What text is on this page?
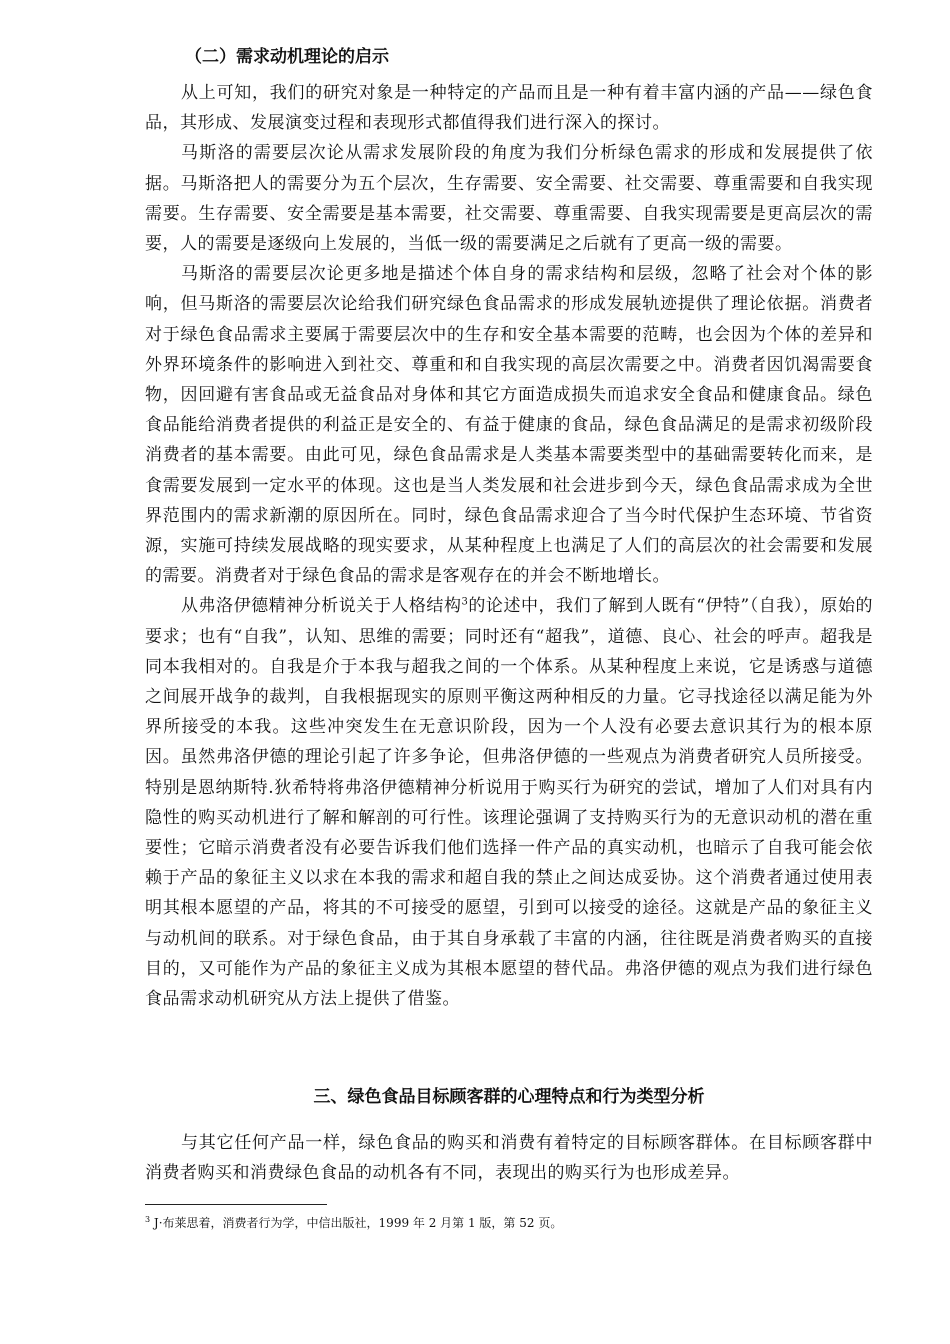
（二）需求动机理论的启示

从上可知，我们的研究对象是一种特定的产品而且是一种有着丰富内涵的产品——绿色食品，其形成、发展演变过程和表现形式都值得我们进行深入的探讨。

马斯洛的需要层次论从需求发展阶段的角度为我们分析绿色需求的形成和发展提供了依据。马斯洛把人的需要分为五个层次，生存需要、安全需要、社交需要、尊重需要和自我实现需要。生存需要、安全需要是基本需要，社交需要、尊重需要、自我实现需要是更高层次的需要，人的需要是逐级向上发展的，当低一级的需要满足之后就有了更高一级的需要。

马斯洛的需要层次论更多地是描述个体自身的需求结构和层级，忽略了社会对个体的影响，但马斯洛的需要层次论给我们研究绿色食品需求的形成发展轨迹提供了理论依据。消费者对于绿色食品需求主要属于需要层次中的生存和安全基本需要的范畴，也会因为个体的差异和外界环境条件的影响进入到社交、尊重和和自我实现的高层次需要之中。消费者因饥渴需要食物，因回避有害食品或无益食品对身体和其它方面造成损失而追求安全食品和健康食品。绿色食品能给消费者提供的利益正是安全的、有益于健康的食品，绿色食品满足的是需求初级阶段消费者的基本需要。由此可见，绿色食品需求是人类基本需要类型中的基础需要转化而来，是食需要发展到一定水平的体现。这也是当人类发展和社会进步到今天，绿色食品需求成为全世界范围内的需求新潮的原因所在。同时，绿色食品需求迎合了当今时代保护生态环境、节省资源，实施可持续发展战略的现实要求，从某种程度上也满足了人们的高层次的社会需要和发展的需要。消费者对于绿色食品的需求是客观存在的并会不断地增长。

从弗洛伊德精神分析说关于人格结构$^3$的论述中，我们了解到人既有“伊特”（自我），原始的要求；也有“自我”，认知、思维的需要；同时还有“超我”，道德、良心、社会的呼声。超我是同本我相对的。自我是介于本我与超我之间的一个体系。从某种程度上来说，它是诱惑与道德之间展开战争的裁判，自我根据现实的原则平衡这两种相反的力量。它寻找途径以满足能为外界所接受的本我。这些冲突发生在无意识阶段，因为一个人没有必要去意识其行为的根本原因。虽然弗洛伊德的理论引起了许多争论，但弗洛伊德的一些观点为消费者研究人员所接受。特别是恩纳斯特.狄希特将弗洛伊德精神分析说用于购买行为研究的尝试，增加了人们对具有内隐性的购买动机进行了解和解剖的可行性。该理论强调了支持购买行为的无意识动机的潜在重要性；它暗示消费者没有必要告诉我们他们选择一件产品的真实动机，也暗示了自我可能会依赖于产品的象征主义以求在本我的需求和超自我的禁止之间达成妥协。这个消费者通过使用表明其根本愿望的产品，将其的不可接受的愿望，引到可以接受的途径。这就是产品的象征主义与动机间的联系。对于绿色食品，由于其自身承载了丰富的内涵，往往既是消费者购买的直接目的，又可能作为产品的象征主义成为其根本愿望的替代品。弗洛伊德的观点为我们进行绿色食品需求动机研究从方法上提供了借鉴。

三、绿色食品目标顾客群的心理特点和行为类型分析

与其它任何产品一样，绿色食品的购买和消费有着特定的目标顾客群体。在目标顾客群中消费者购买和消费绿色食品的动机各有不同，表现出的购买行为也形成差异。

$^3$ J·布莱思着，消费者行为学，中信出版社，1999 年 2 月第 1 版，第 52 页。
